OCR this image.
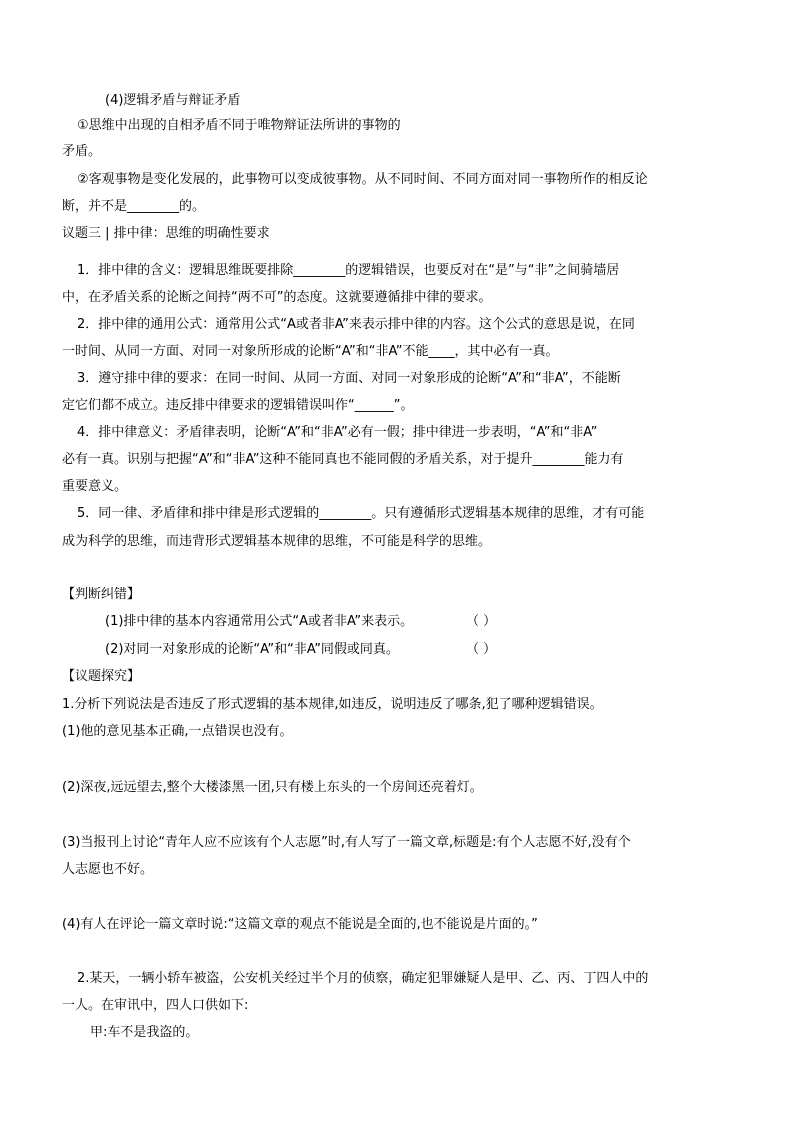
(4)逻辑矛盾与辩证矛盾
①思维中出现的自相矛盾不同于唯物辩证法所讲的事物的
矛盾。
②客观事物是变化发展的，此事物可以变成彼事物。从不同时间、不同方面对同一事物所作的相反论
断，并不是________的。
议题三 | 排中律：思维的明确性要求
1．排中律的含义：逻辑思维既要排除________的逻辑错误，也要反对在“是”与“非”之间骑墙居
中，在矛盾关系的论断之间持“两不可”的态度。这就要遵循排中律的要求。
2．排中律的通用公式：通常用公式“A或者非A”来表示排中律的内容。这个公式的意思是说，在同
一时间、从同一方面、对同一对象所形成的论断“A”和“非A”不能____，其中必有一真。
3．遵守排中律的要求：在同一时间、从同一方面、对同一对象形成的论断“A”和“非A”，不能断
定它们都不成立。违反排中律要求的逻辑错误叫作“______”。
4．排中律意义：矛盾律表明，论断“A”和“非A”必有一假；排中律进一步表明，“A”和“非A”
必有一真。识别与把握“A”和“非A”这种不能同真也不能同假的矛盾关系，对于提升________能力有
重要意义。
5．同一律、矛盾律和排中律是形式逻辑的________。只有遵循形式逻辑基本规律的思维，才有可能
成为科学的思维，而违背形式逻辑基本规律的思维，不可能是科学的思维。
【判断纠错】
(1)排中律的基本内容通常用公式“A或者非A”来表示。	（ ）
(2)对同一对象形成的论断“A”和“非A”同假或同真。	（ ）
【议题探究】
1.分析下列说法是否违反了形式逻辑的基本规律,如违反，说明违反了哪条,犯了哪种逻辑错误。
(1)他的意见基本正确,一点错误也没有。
(2)深夜,远远望去,整个大楼漆黑一团,只有楼上东头的一个房间还亮着灯。
(3)当报刊上讨论“青年人应不应该有个人志愿”时,有人写了一篇文章,标题是:有个人志愿不好,没有个
人志愿也不好。
(4)有人在评论一篇文章时说:“这篇文章的观点不能说是全面的,也不能说是片面的。”
2.某天，一辆小轿车被盗，公安机关经过半个月的侦察，确定犯罪嫌疑人是甲、乙、丙、丁四人中的
一人。在审讯中，四人口供如下:
甲:车不是我盗的。
